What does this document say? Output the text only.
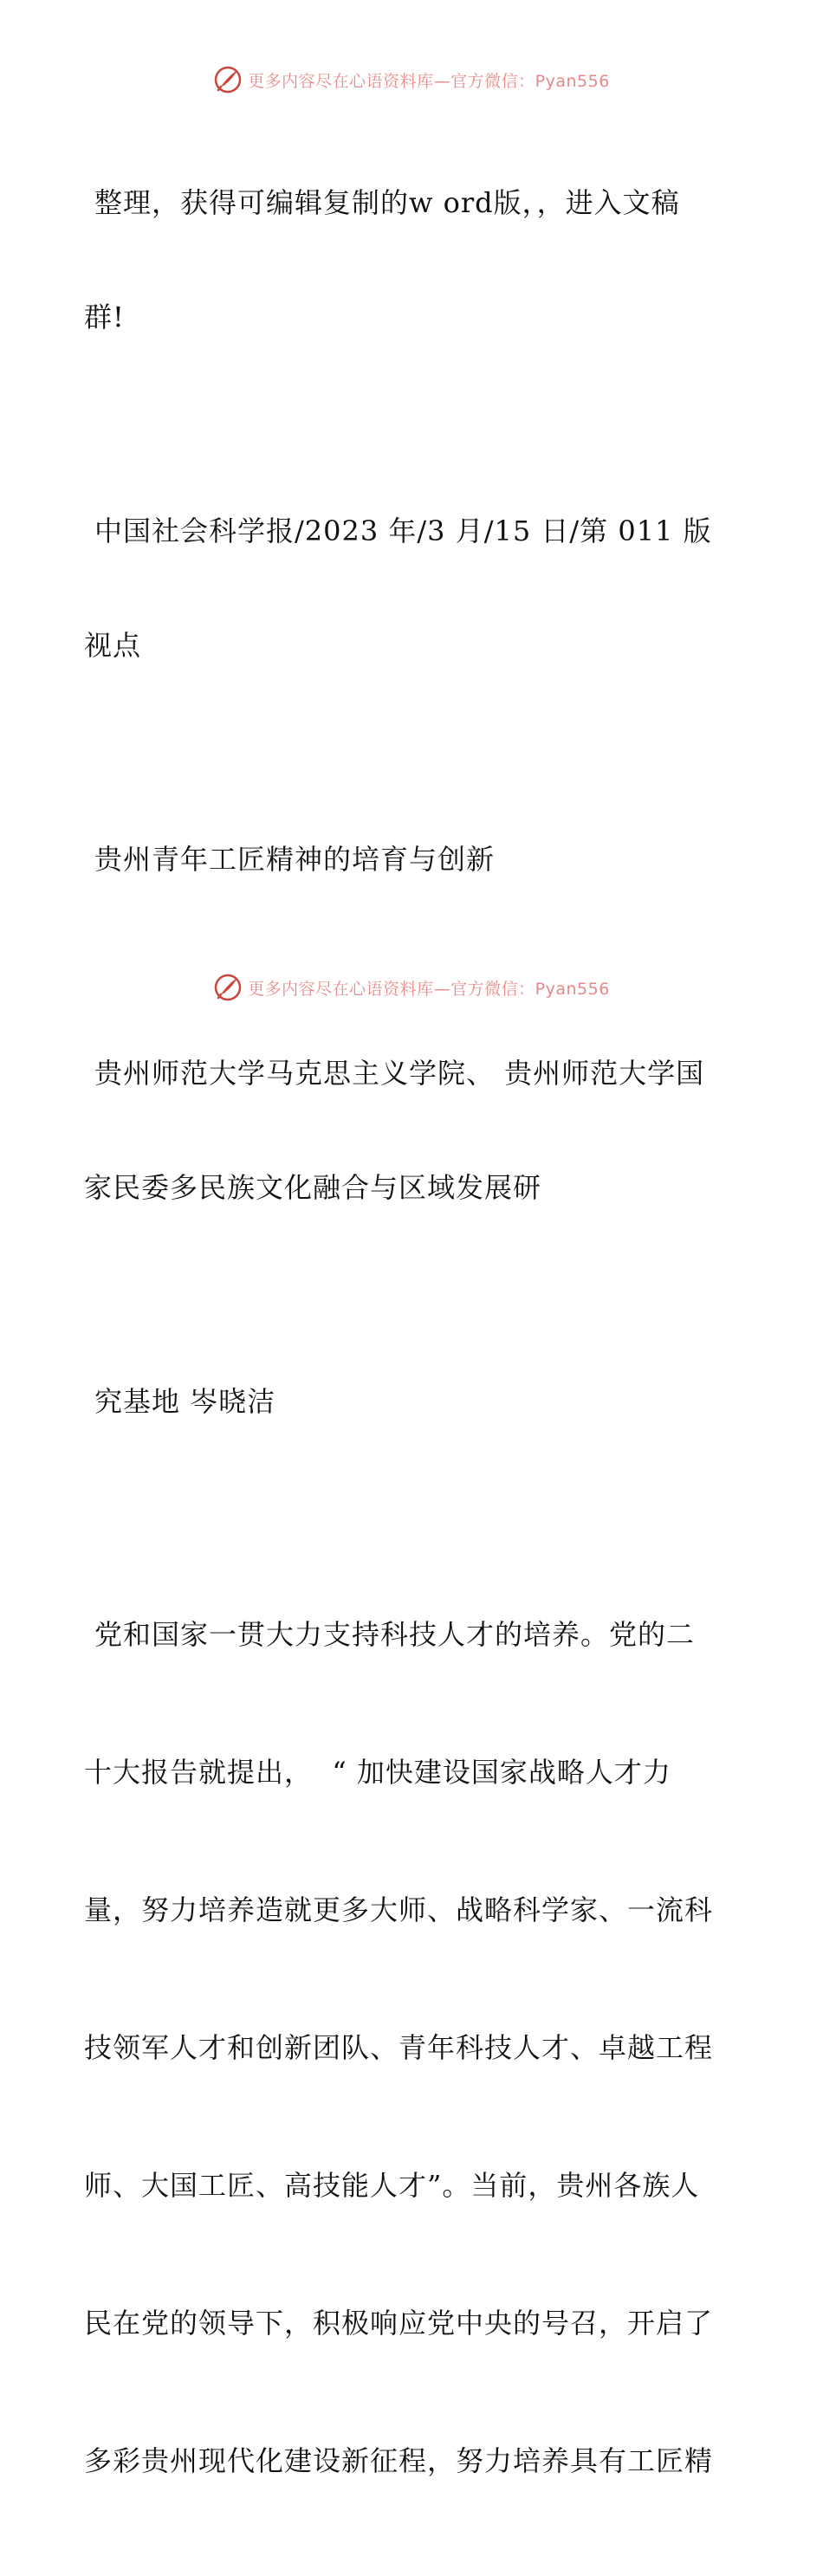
更多内容尽在心语资料库—官方微信：Pyan556

整理，获得可编辑复制的w ord版，，进入文稿

群!

中国社会科学报/2023 年/3 月/15 日/第 011 版

视点

贵州青年工匠精神的培育与创新

贵州师范大学马克思主义学院、 贵州师范大学国

家民委多民族文化融合与区域发展研

究基地 岑晓洁

党和国家一贯大力支持科技人才的培养。党的二

十大报告就提出，  “ 加快建设国家战略人才力

量，努力培养造就更多大师、战略科学家、一流科

技领军人才和创新团队、青年科技人才、卓越工程

师、大国工匠、高技能人才”。当前，贵州各族人

民在党的领导下，积极响应党中央的号召，开启了

多彩贵州现代化建设新征程，努力培养具有工匠精

更多内容尽在心语资料库—官方微信：Pyan556
